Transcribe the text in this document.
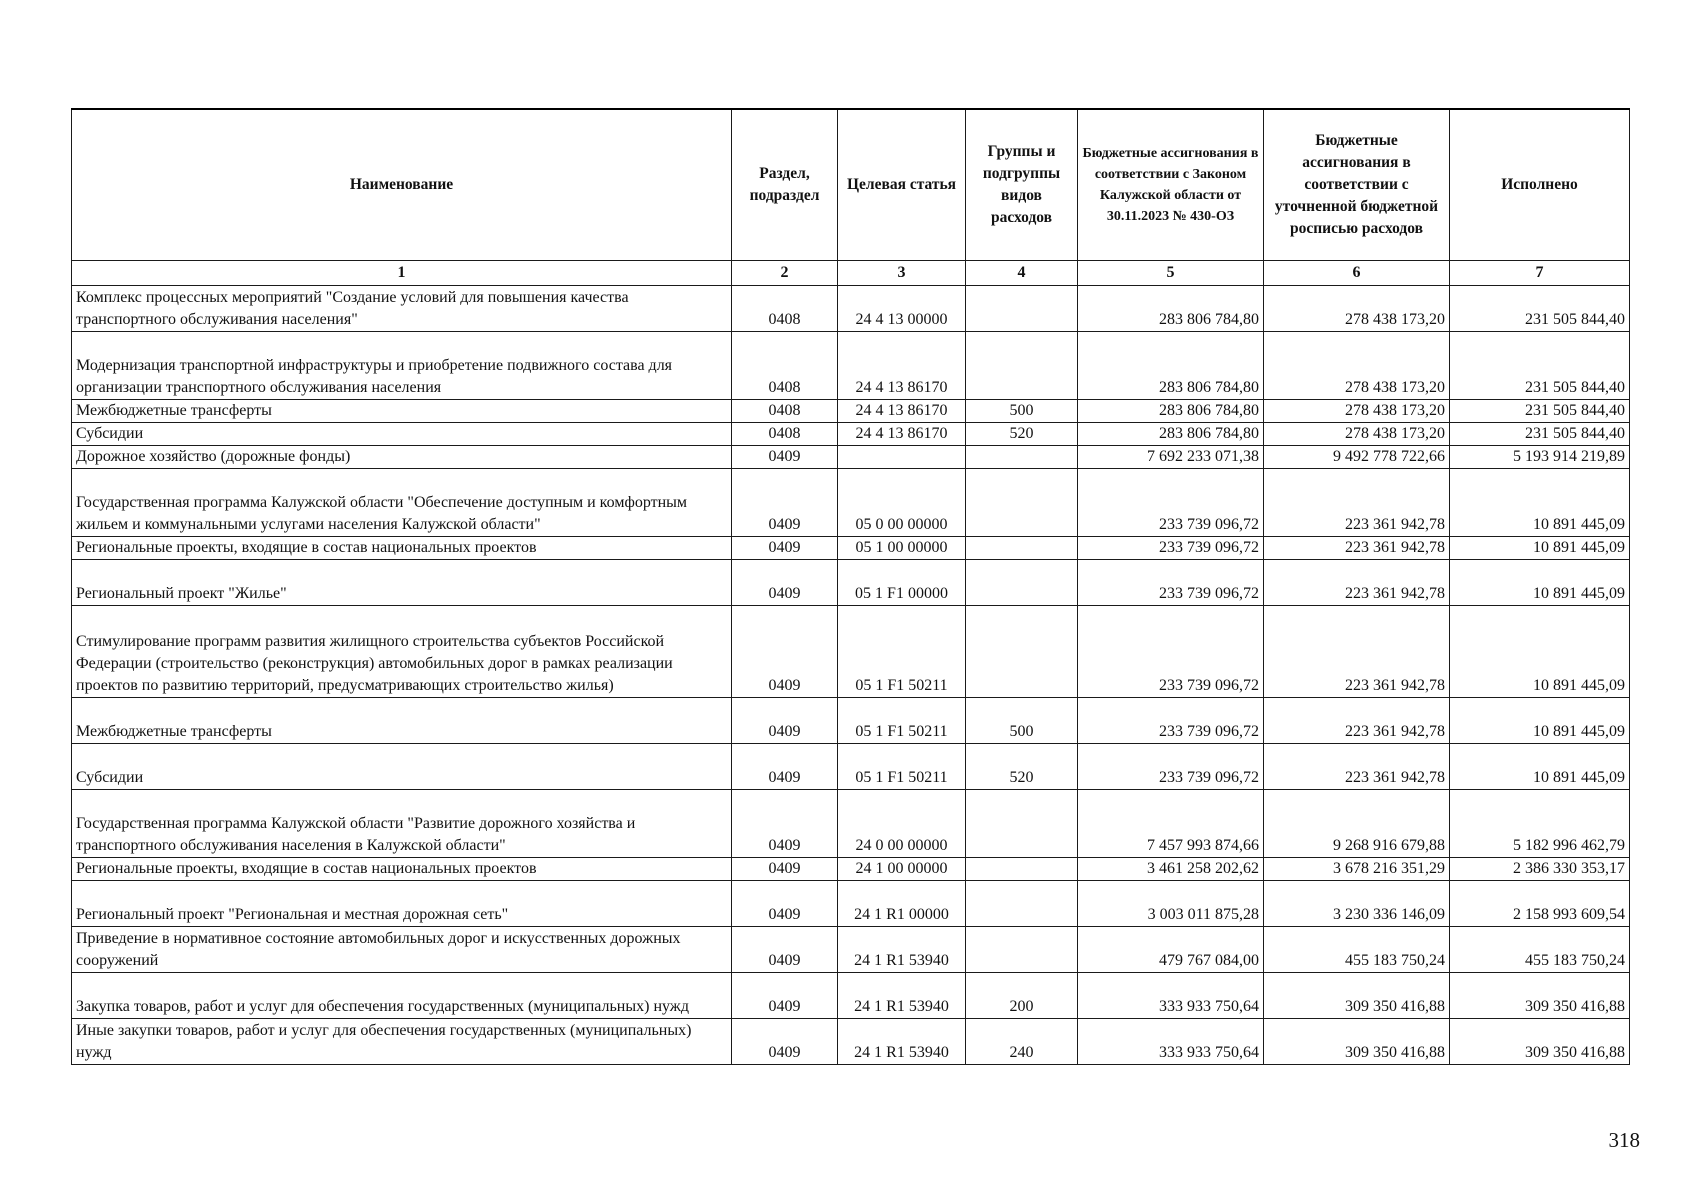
Наименование	Раздел, подраздел	Целевая статья	Группы и подгруппы видов расходов	Бюджетные ассигнования в соответствии с Законом Калужской области от 30.11.2023 № 430-ОЗ	Бюджетные ассигнования в соответствии с уточненной бюджетной росписью расходов	Исполнено
1	2	3	4	5	6	7
Комплекс процессных мероприятий "Создание условий для повышения качества транспортного обслуживания населения"	0408	24 4 13 00000		283 806 784,80	278 438 173,20	231 505 844,40
Модернизация транспортной инфраструктуры и приобретение подвижного состава для организации транспортного обслуживания населения	0408	24 4 13 86170		283 806 784,80	278 438 173,20	231 505 844,40
Межбюджетные трансферты	0408	24 4 13 86170	500	283 806 784,80	278 438 173,20	231 505 844,40
Субсидии	0408	24 4 13 86170	520	283 806 784,80	278 438 173,20	231 505 844,40
Дорожное хозяйство (дорожные фонды)	0409			7 692 233 071,38	9 492 778 722,66	5 193 914 219,89
Государственная программа Калужской области "Обеспечение доступным и комфортным жильем и коммунальными услугами населения Калужской области"	0409	05 0 00 00000		233 739 096,72	223 361 942,78	10 891 445,09
Региональные проекты, входящие в состав национальных проектов	0409	05 1 00 00000		233 739 096,72	223 361 942,78	10 891 445,09
Региональный проект "Жилье"	0409	05 1 F1 00000		233 739 096,72	223 361 942,78	10 891 445,09
Стимулирование программ развития жилищного строительства субъектов Российской Федерации (строительство (реконструкция) автомобильных дорог в рамках реализации проектов по развитию территорий, предусматривающих строительство жилья)	0409	05 1 F1 50211		233 739 096,72	223 361 942,78	10 891 445,09
Межбюджетные трансферты	0409	05 1 F1 50211	500	233 739 096,72	223 361 942,78	10 891 445,09
Субсидии	0409	05 1 F1 50211	520	233 739 096,72	223 361 942,78	10 891 445,09
Государственная программа Калужской области "Развитие дорожного хозяйства и транспортного обслуживания населения в Калужской области"	0409	24 0 00 00000		7 457 993 874,66	9 268 916 679,88	5 182 996 462,79
Региональные проекты, входящие в состав национальных проектов	0409	24 1 00 00000		3 461 258 202,62	3 678 216 351,29	2 386 330 353,17
Региональный проект "Региональная и местная дорожная сеть"	0409	24 1 R1 00000		3 003 011 875,28	3 230 336 146,09	2 158 993 609,54
Приведение в нормативное состояние автомобильных дорог и искусственных дорожных сооружений	0409	24 1 R1 53940		479 767 084,00	455 183 750,24	455 183 750,24
Закупка товаров, работ и услуг для обеспечения государственных (муниципальных) нужд	0409	24 1 R1 53940	200	333 933 750,64	309 350 416,88	309 350 416,88
Иные закупки товаров, работ и услуг для обеспечения государственных (муниципальных) нужд	0409	24 1 R1 53940	240	333 933 750,64	309 350 416,88	309 350 416,88
318
